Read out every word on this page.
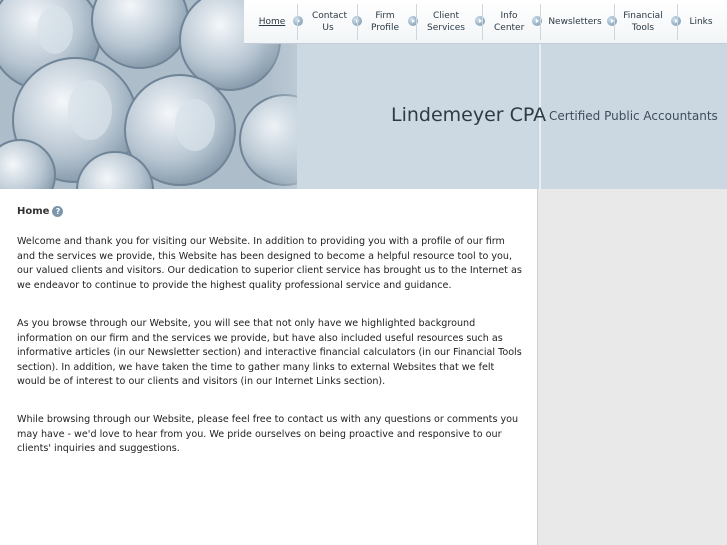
Lindemeyer CPA Certified Public Accountants
Home
Contact Us
Firm Profile
Client Services
Info Center
Newsletters
Financial Tools
Links
Home ?

Welcome and thank you for visiting our Website. In addition to providing you with a profile of our firm and the services we provide, this Website has been designed to become a helpful resource tool to you, our valued clients and visitors. Our dedication to superior client service has brought us to the Internet as we endeavor to continue to provide the highest quality professional service and guidance.

As you browse through our Website, you will see that not only have we highlighted background information on our firm and the services we provide, but have also included useful resources such as informative articles (in our Newsletter section) and interactive financial calculators (in our Financial Tools section). In addition, we have taken the time to gather many links to external Websites that we felt would be of interest to our clients and visitors (in our Internet Links section).

While browsing through our Website, please feel free to contact us with any questions or comments you may have - we'd love to hear from you. We pride ourselves on being proactive and responsive to our clients' inquiries and suggestions.
